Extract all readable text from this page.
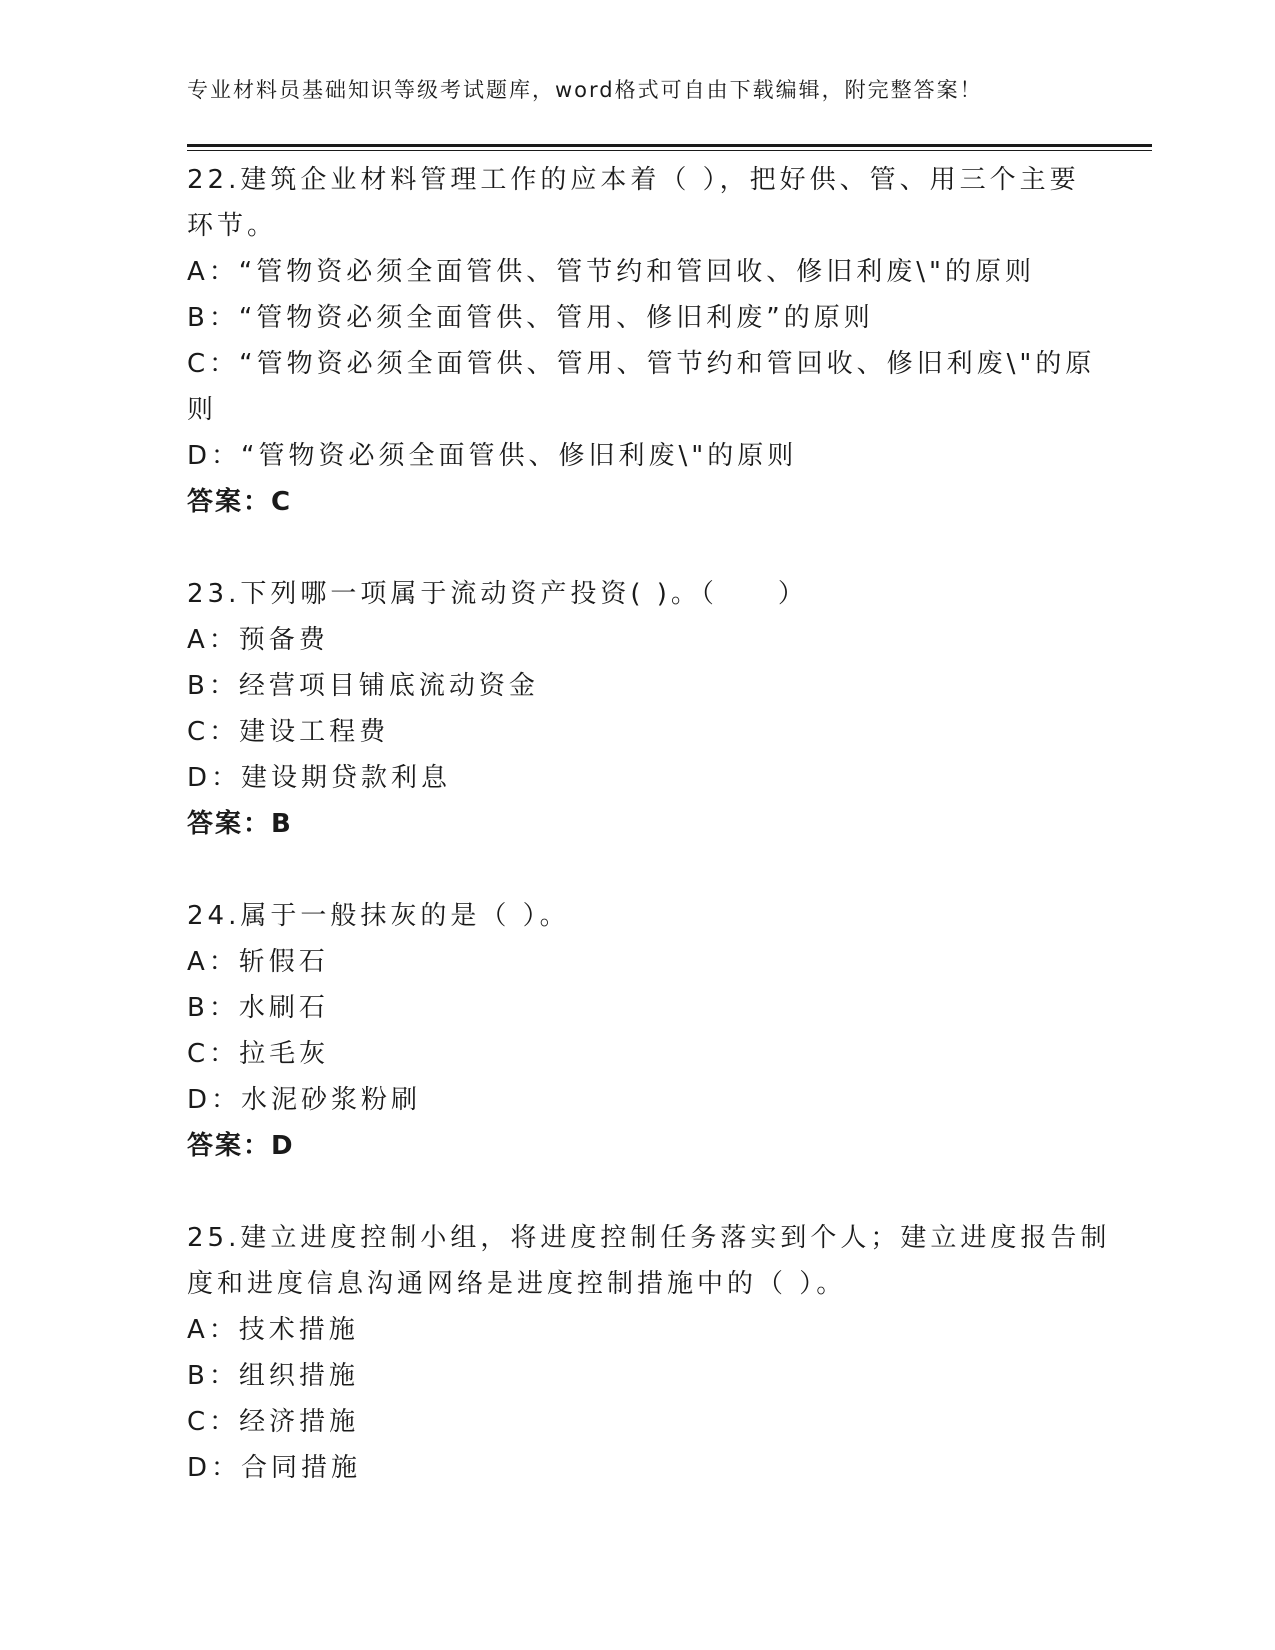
专业材料员基础知识等级考试题库，word格式可自由下载编辑，附完整答案！
22.建筑企业材料管理工作的应本着（ ），把好供、管、用三个主要
环节。
A：“管物资必须全面管供、管节约和管回收、修旧利废\"的原则
B：“管物资必须全面管供、管用、修旧利废”的原则
C：“管物资必须全面管供、管用、管节约和管回收、修旧利废\"的原
则
D：“管物资必须全面管供、修旧利废\"的原则
答案：C
23.下列哪一项属于流动资产投资( )。（　　）
A：预备费
B：经营项目铺底流动资金
C：建设工程费
D：建设期贷款利息
答案：B
24.属于一般抹灰的是（ ）。
A：斩假石
B：水刷石
C：拉毛灰
D：水泥砂浆粉刷
答案：D
25.建立进度控制小组，将进度控制任务落实到个人；建立进度报告制
度和进度信息沟通网络是进度控制措施中的（ ）。
A：技术措施
B：组织措施
C：经济措施
D：合同措施
